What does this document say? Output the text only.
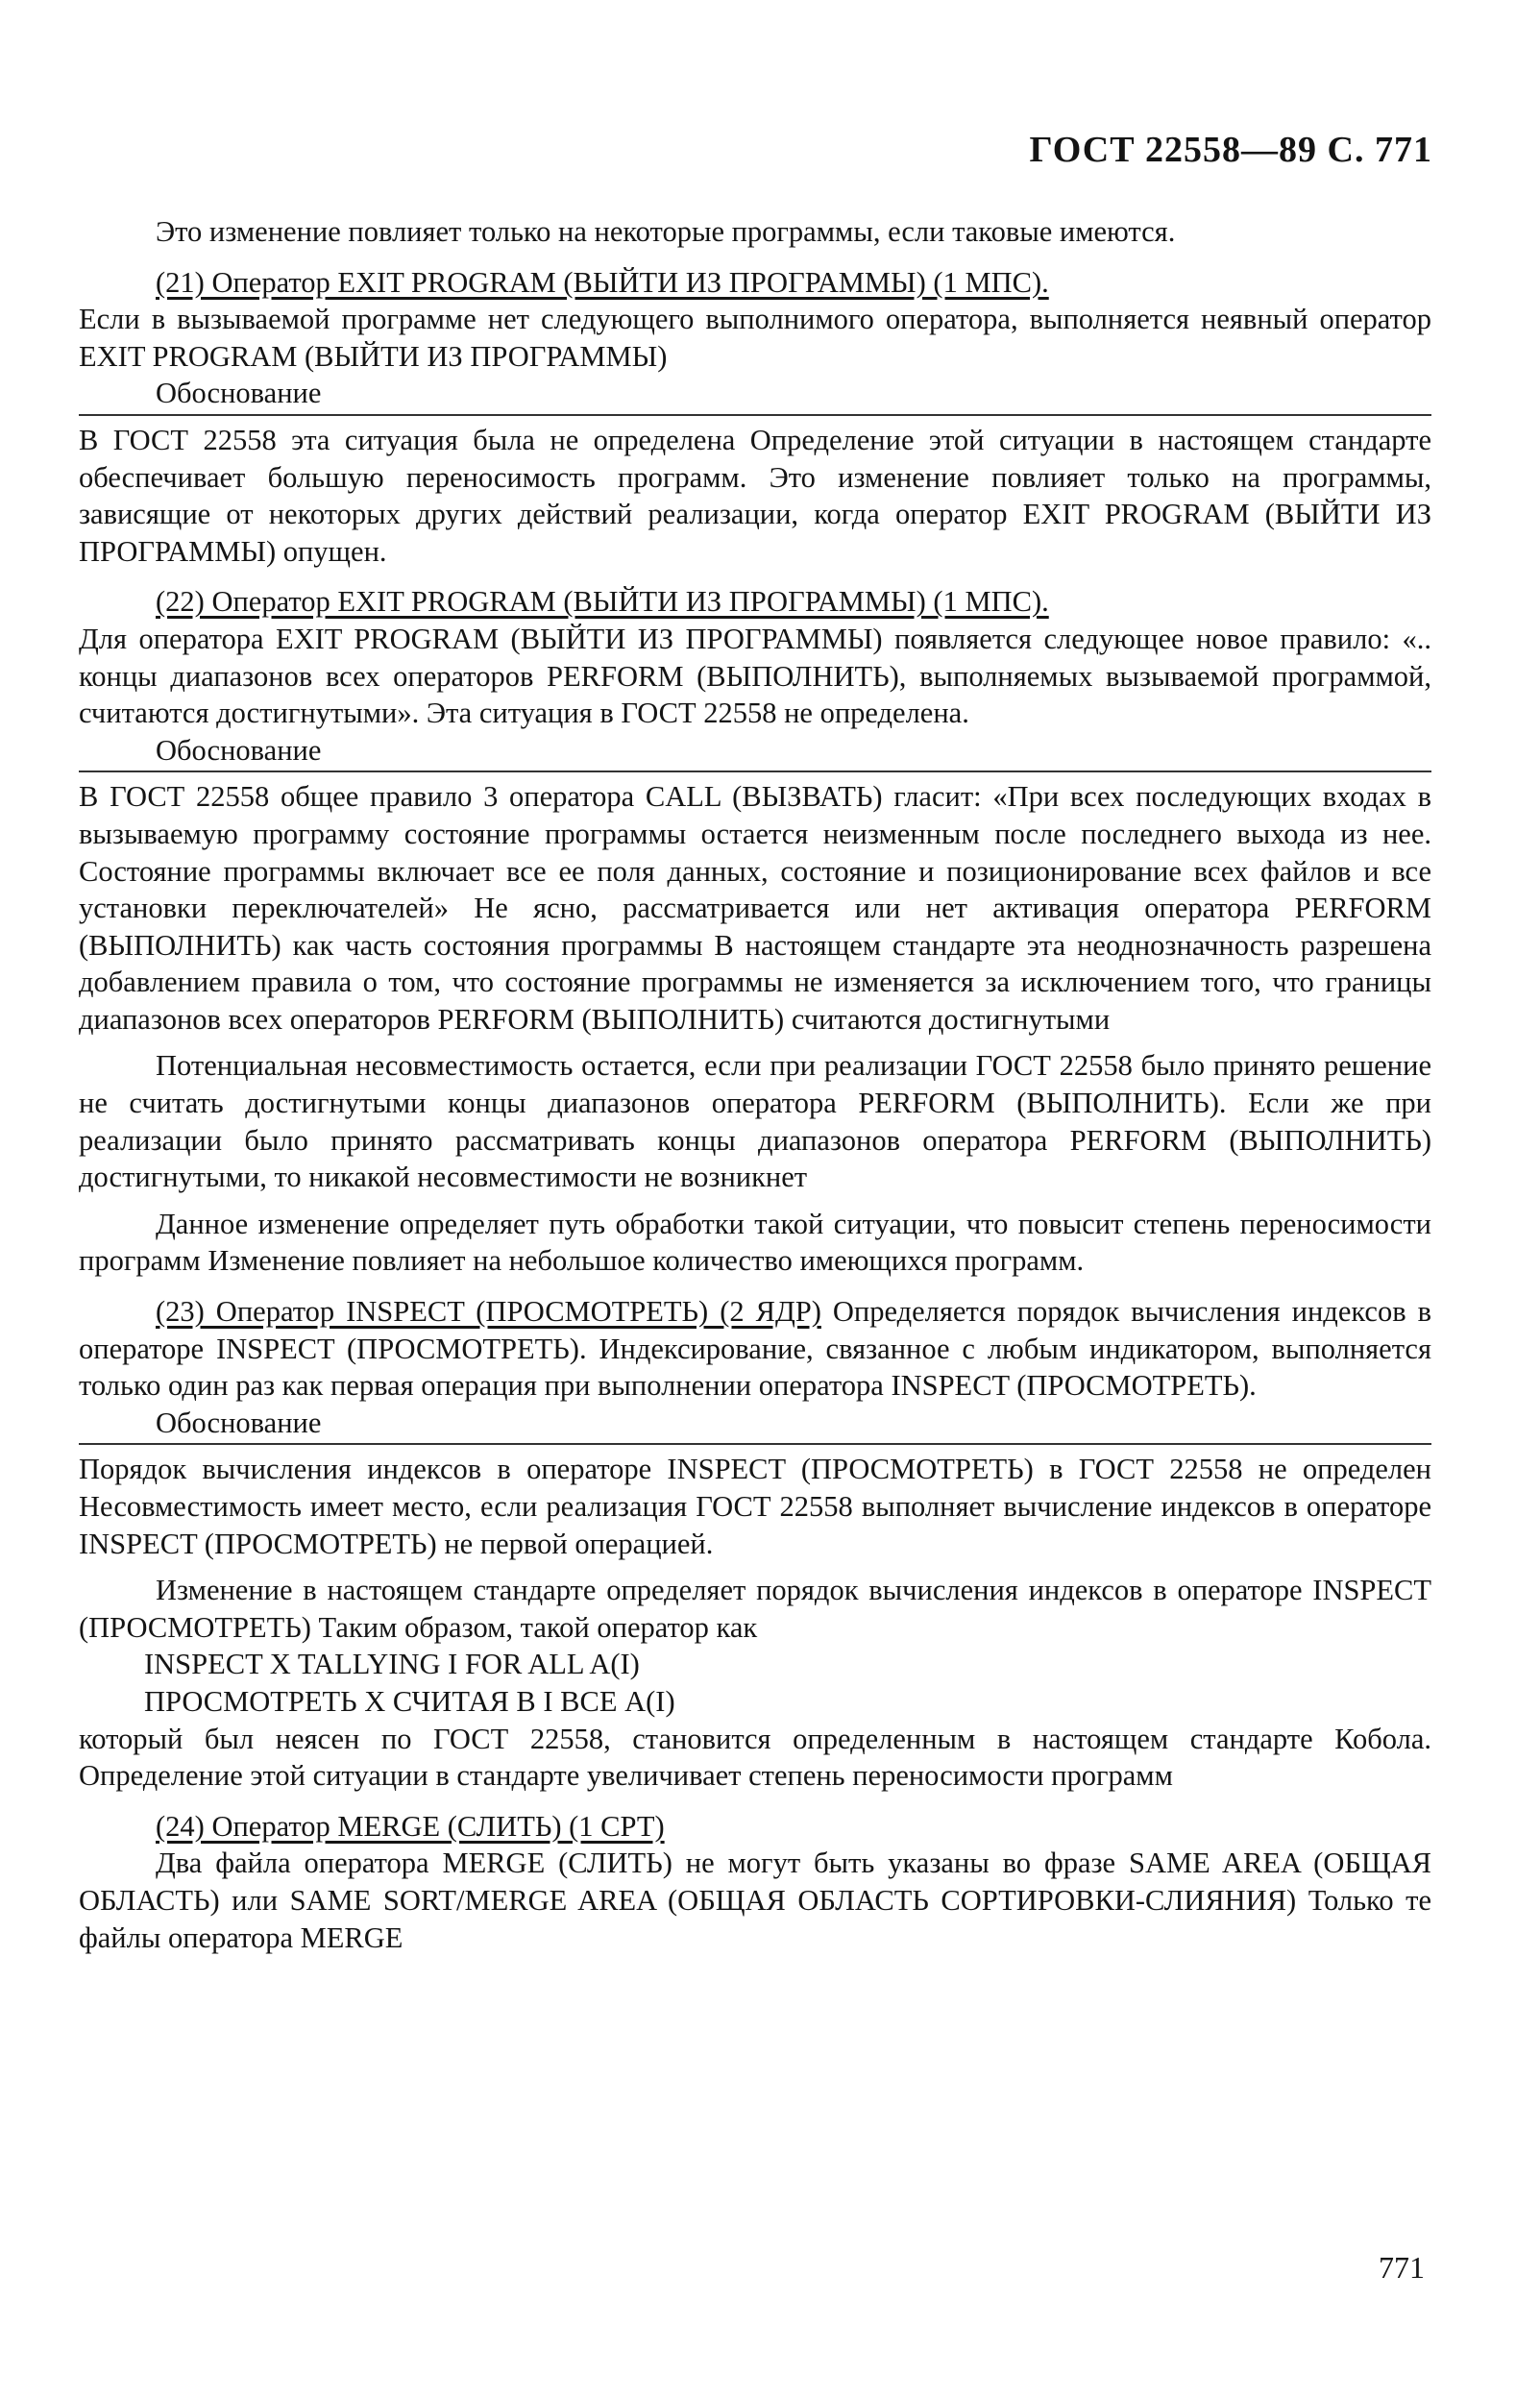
ГОСТ 22558—89 С. 771

Это изменение повлияет только на некоторые программы, если таковые имеются.

(21) Оператор EXIT PROGRAM (ВЫЙТИ ИЗ ПРОГРАММЫ) (1 МПС).

Если в вызываемой программе нет следующего выполнимого оператора, выполняется неявный оператор EXIT PROGRAM (ВЫЙТИ ИЗ ПРОГРАММЫ)

Обоснование

В ГОСТ 22558 эта ситуация была не определена Определение этой ситуации в настоящем стандарте обеспечивает большую переносимость программ. Это изменение повлияет только на программы, зависящие от некоторых других действий реализации, когда оператор EXIT PROGRAM (ВЫЙТИ ИЗ ПРОГРАММЫ) опущен.

(22) Оператор EXIT PROGRAM (ВЫЙТИ ИЗ ПРОГРАММЫ) (1 МПС).

Для оператора EXIT PROGRAM (ВЫЙТИ ИЗ ПРОГРАММЫ) появляется следующее новое правило: «.. концы диапазонов всех операторов PERFORM (ВЫПОЛНИТЬ), выполняемых вызываемой программой, считаются достигнутыми». Эта ситуация в ГОСТ 22558 не определена.

Обоснование

В ГОСТ 22558 общее правило 3 оператора CALL (ВЫЗВАТЬ) гласит: «При всех последующих входах в вызываемую программу состояние программы остается неизменным после последнего выхода из нее. Состояние программы включает все ее поля данных, состояние и позиционирование всех файлов и все установки переключателей» Не ясно, рассматривается или нет активация оператора PERFORM (ВЫПОЛНИТЬ) как часть состояния программы В настоящем стандарте эта неоднозначность разрешена добавлением правила о том, что состояние программы не изменяется за исключением того, что границы диапазонов всех операторов PERFORM (ВЫПОЛНИТЬ) считаются достигнутыми

Потенциальная несовместимость остается, если при реализации ГОСТ 22558 было принято решение не считать достигнутыми концы диапазонов оператора PERFORM (ВЫПОЛНИТЬ). Если же при реализации было принято рассматривать концы диапазонов оператора PERFORM (ВЫПОЛНИТЬ) достигнутыми, то никакой несовместимости не возникнет

Данное изменение определяет путь обработки такой ситуации, что повысит степень переносимости программ Изменение повлияет на небольшое количество имеющихся программ.

(23) Оператор INSPECT (ПРОСМОТРЕТЬ) (2 ЯДР) Определяется порядок вычисления индексов в операторе INSPECT (ПРОСМОТРЕТЬ). Индексирование, связанное с любым индикатором, выполняется только один раз как первая операция при выполнении оператора INSPECT (ПРОСМОТРЕТЬ).

Обоснование

Порядок вычисления индексов в операторе INSPECT (ПРОСМОТРЕТЬ) в ГОСТ 22558 не определен Несовместимость имеет место, если реализация ГОСТ 22558 выполняет вычисление индексов в операторе INSPECT (ПРОСМОТРЕТЬ) не первой операцией.

Изменение в настоящем стандарте определяет порядок вычисления индексов в операторе INSPECT (ПРОСМОТРЕТЬ) Таким образом, такой оператор как

INSPECT X TALLYING I FOR ALL A(I)
ПРОСМОТРЕТЬ X СЧИТАЯ В I ВСЕ A(I)

который был неясен по ГОСТ 22558, становится определенным в настоящем стандарте Кобола. Определение этой ситуации в стандарте увеличивает степень переносимости программ

(24) Оператор MERGE (СЛИТЬ) (1 СРТ)

Два файла оператора MERGE (СЛИТЬ) не могут быть указаны во фразе SAME AREA (ОБЩАЯ ОБЛАСТЬ) или SAME SORT/MERGE AREA (ОБЩАЯ ОБЛАСТЬ СОРТИРОВКИ-СЛИЯНИЯ) Только те файлы оператора MERGE

771
